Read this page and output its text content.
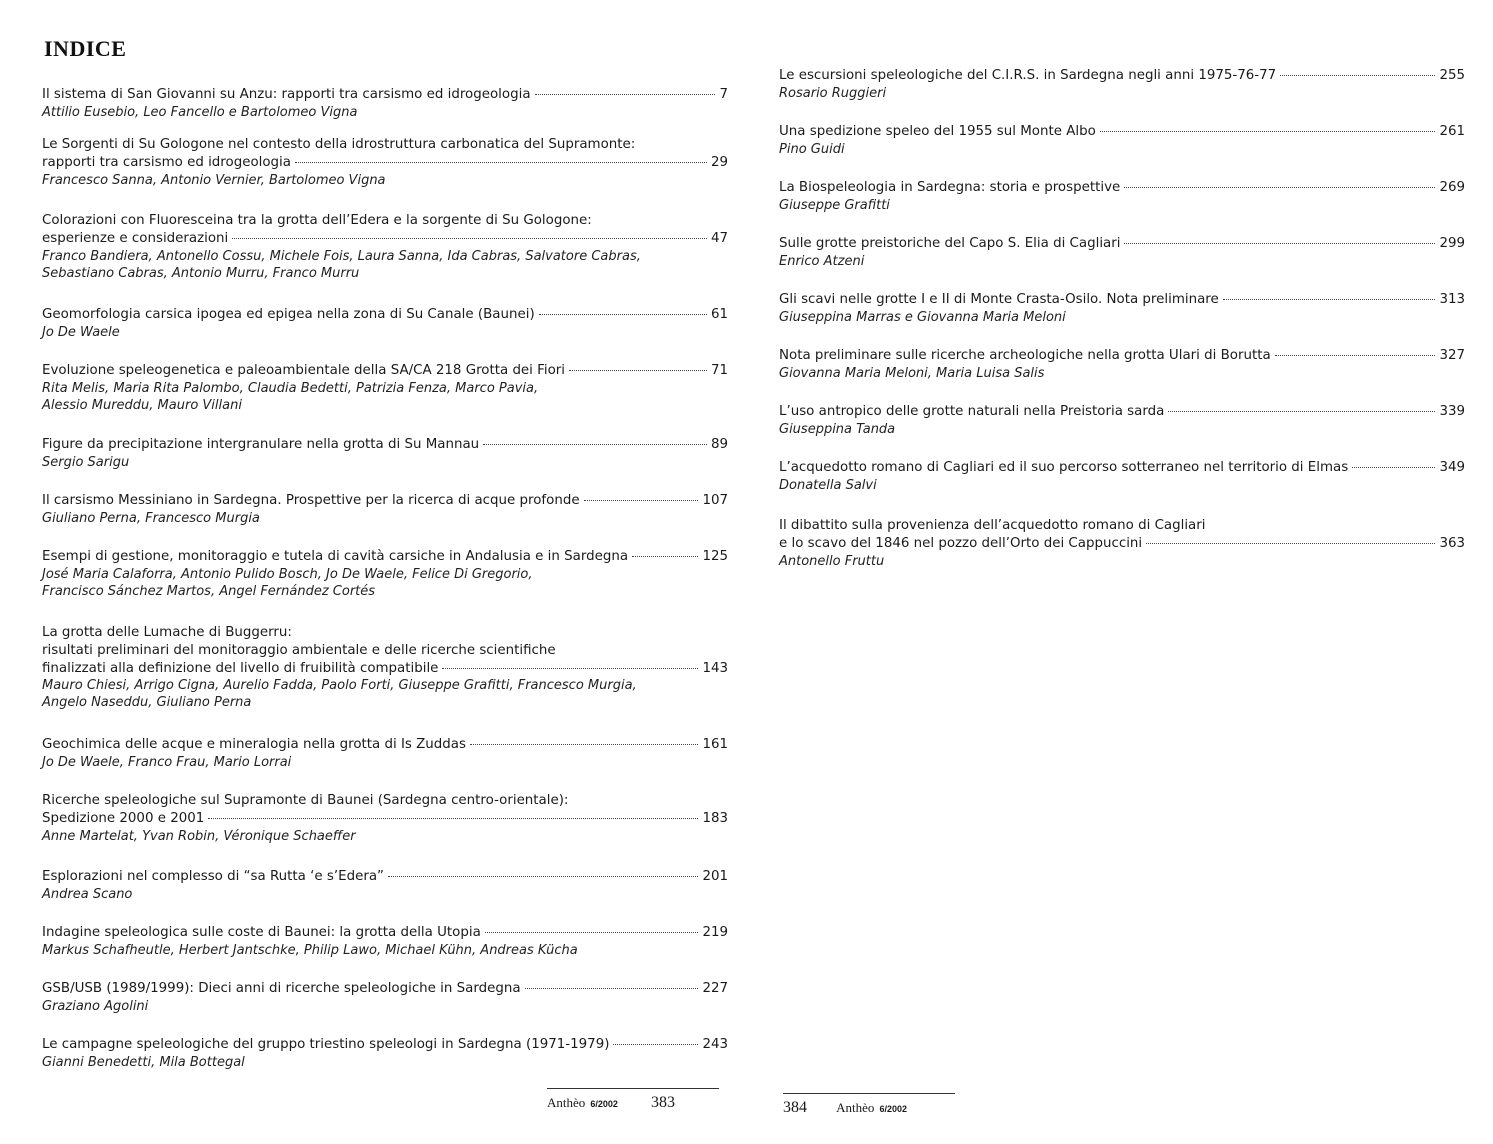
INDICE
Il sistema di San Giovanni su Anzu: rapporti tra carsismo ed idrogeologia	7
Attilio Eusebio, Leo Fancello e Bartolomeo Vigna
Le Sorgenti di Su Gologone nel contesto della idrostruttura carbonatica del Supramonte:
rapporti tra carsismo ed idrogeologia	29
Francesco Sanna, Antonio Vernier, Bartolomeo Vigna
Colorazioni con Fluoresceina tra la grotta dell’Edera e la sorgente di Su Gologone:
esperienze e considerazioni	47
Franco Bandiera, Antonello Cossu, Michele Fois, Laura Sanna, Ida Cabras, Salvatore Cabras,
Sebastiano Cabras, Antonio Murru, Franco Murru
Geomorfologia carsica ipogea ed epigea nella zona di Su Canale (Baunei)	61
Jo De Waele
Evoluzione speleogenetica e paleoambientale della SA/CA 218 Grotta dei Fiori	71
Rita Melis, Maria Rita Palombo, Claudia Bedetti, Patrizia Fenza, Marco Pavia,
Alessio Mureddu, Mauro Villani
Figure da precipitazione intergranulare nella grotta di Su Mannau	89
Sergio Sarigu
Il carsismo Messiniano in Sardegna. Prospettive per la ricerca di acque profonde	107
Giuliano Perna, Francesco Murgia
Esempi di gestione, monitoraggio e tutela di cavità carsiche in Andalusia e in Sardegna	125
José Maria Calaforra, Antonio Pulido Bosch, Jo De Waele, Felice Di Gregorio,
Francisco Sánchez Martos, Angel Fernández Cortés
La grotta delle Lumache di Buggerru:
risultati preliminari del monitoraggio ambientale e delle ricerche scientifiche
finalizzati alla definizione del livello di fruibilità compatibile	143
Mauro Chiesi, Arrigo Cigna, Aurelio Fadda, Paolo Forti, Giuseppe Grafitti, Francesco Murgia,
Angelo Naseddu, Giuliano Perna
Geochimica delle acque e mineralogia nella grotta di Is Zuddas	161
Jo De Waele, Franco Frau, Mario Lorrai
Ricerche speleologiche sul Supramonte di Baunei (Sardegna centro-orientale):
Spedizione 2000 e 2001	183
Anne Martelat, Yvan Robin, Véronique Schaeffer
Esplorazioni nel complesso di “sa Rutta ‘e s’Edera”	201
Andrea Scano
Indagine speleologica sulle coste di Baunei: la grotta della Utopia	219
Markus Schafheutle, Herbert Jantschke, Philip Lawo, Michael Kühn, Andreas Kücha
GSB/USB (1989/1999): Dieci anni di ricerche speleologiche in Sardegna	227
Graziano Agolini
Le campagne speleologiche del gruppo triestino speleologi in Sardegna (1971-1979)	243
Gianni Benedetti, Mila Bottegal
Le escursioni speleologiche del C.I.R.S. in Sardegna negli anni 1975-76-77	255
Rosario Ruggieri
Una spedizione speleo del 1955 sul Monte Albo	261
Pino Guidi
La Biospeleologia in Sardegna: storia e prospettive	269
Giuseppe Grafitti
Sulle grotte preistoriche del Capo S. Elia di Cagliari	299
Enrico Atzeni
Gli scavi nelle grotte I e II di Monte Crasta-Osilo. Nota preliminare	313
Giuseppina Marras e Giovanna Maria Meloni
Nota preliminare sulle ricerche archeologiche nella grotta Ulari di Borutta	327
Giovanna Maria Meloni, Maria Luisa Salis
L’uso antropico delle grotte naturali nella Preistoria sarda	339
Giuseppina Tanda
L’acquedotto romano di Cagliari ed il suo percorso sotterraneo nel territorio di Elmas	349
Donatella Salvi
Il dibattito sulla provenienza dell’acquedotto romano di Cagliari
e lo scavo del 1846 nel pozzo dell’Orto dei Cappuccini	363
Antonello Fruttu
Anthèo 6/2002 383	384 Anthèo 6/2002
